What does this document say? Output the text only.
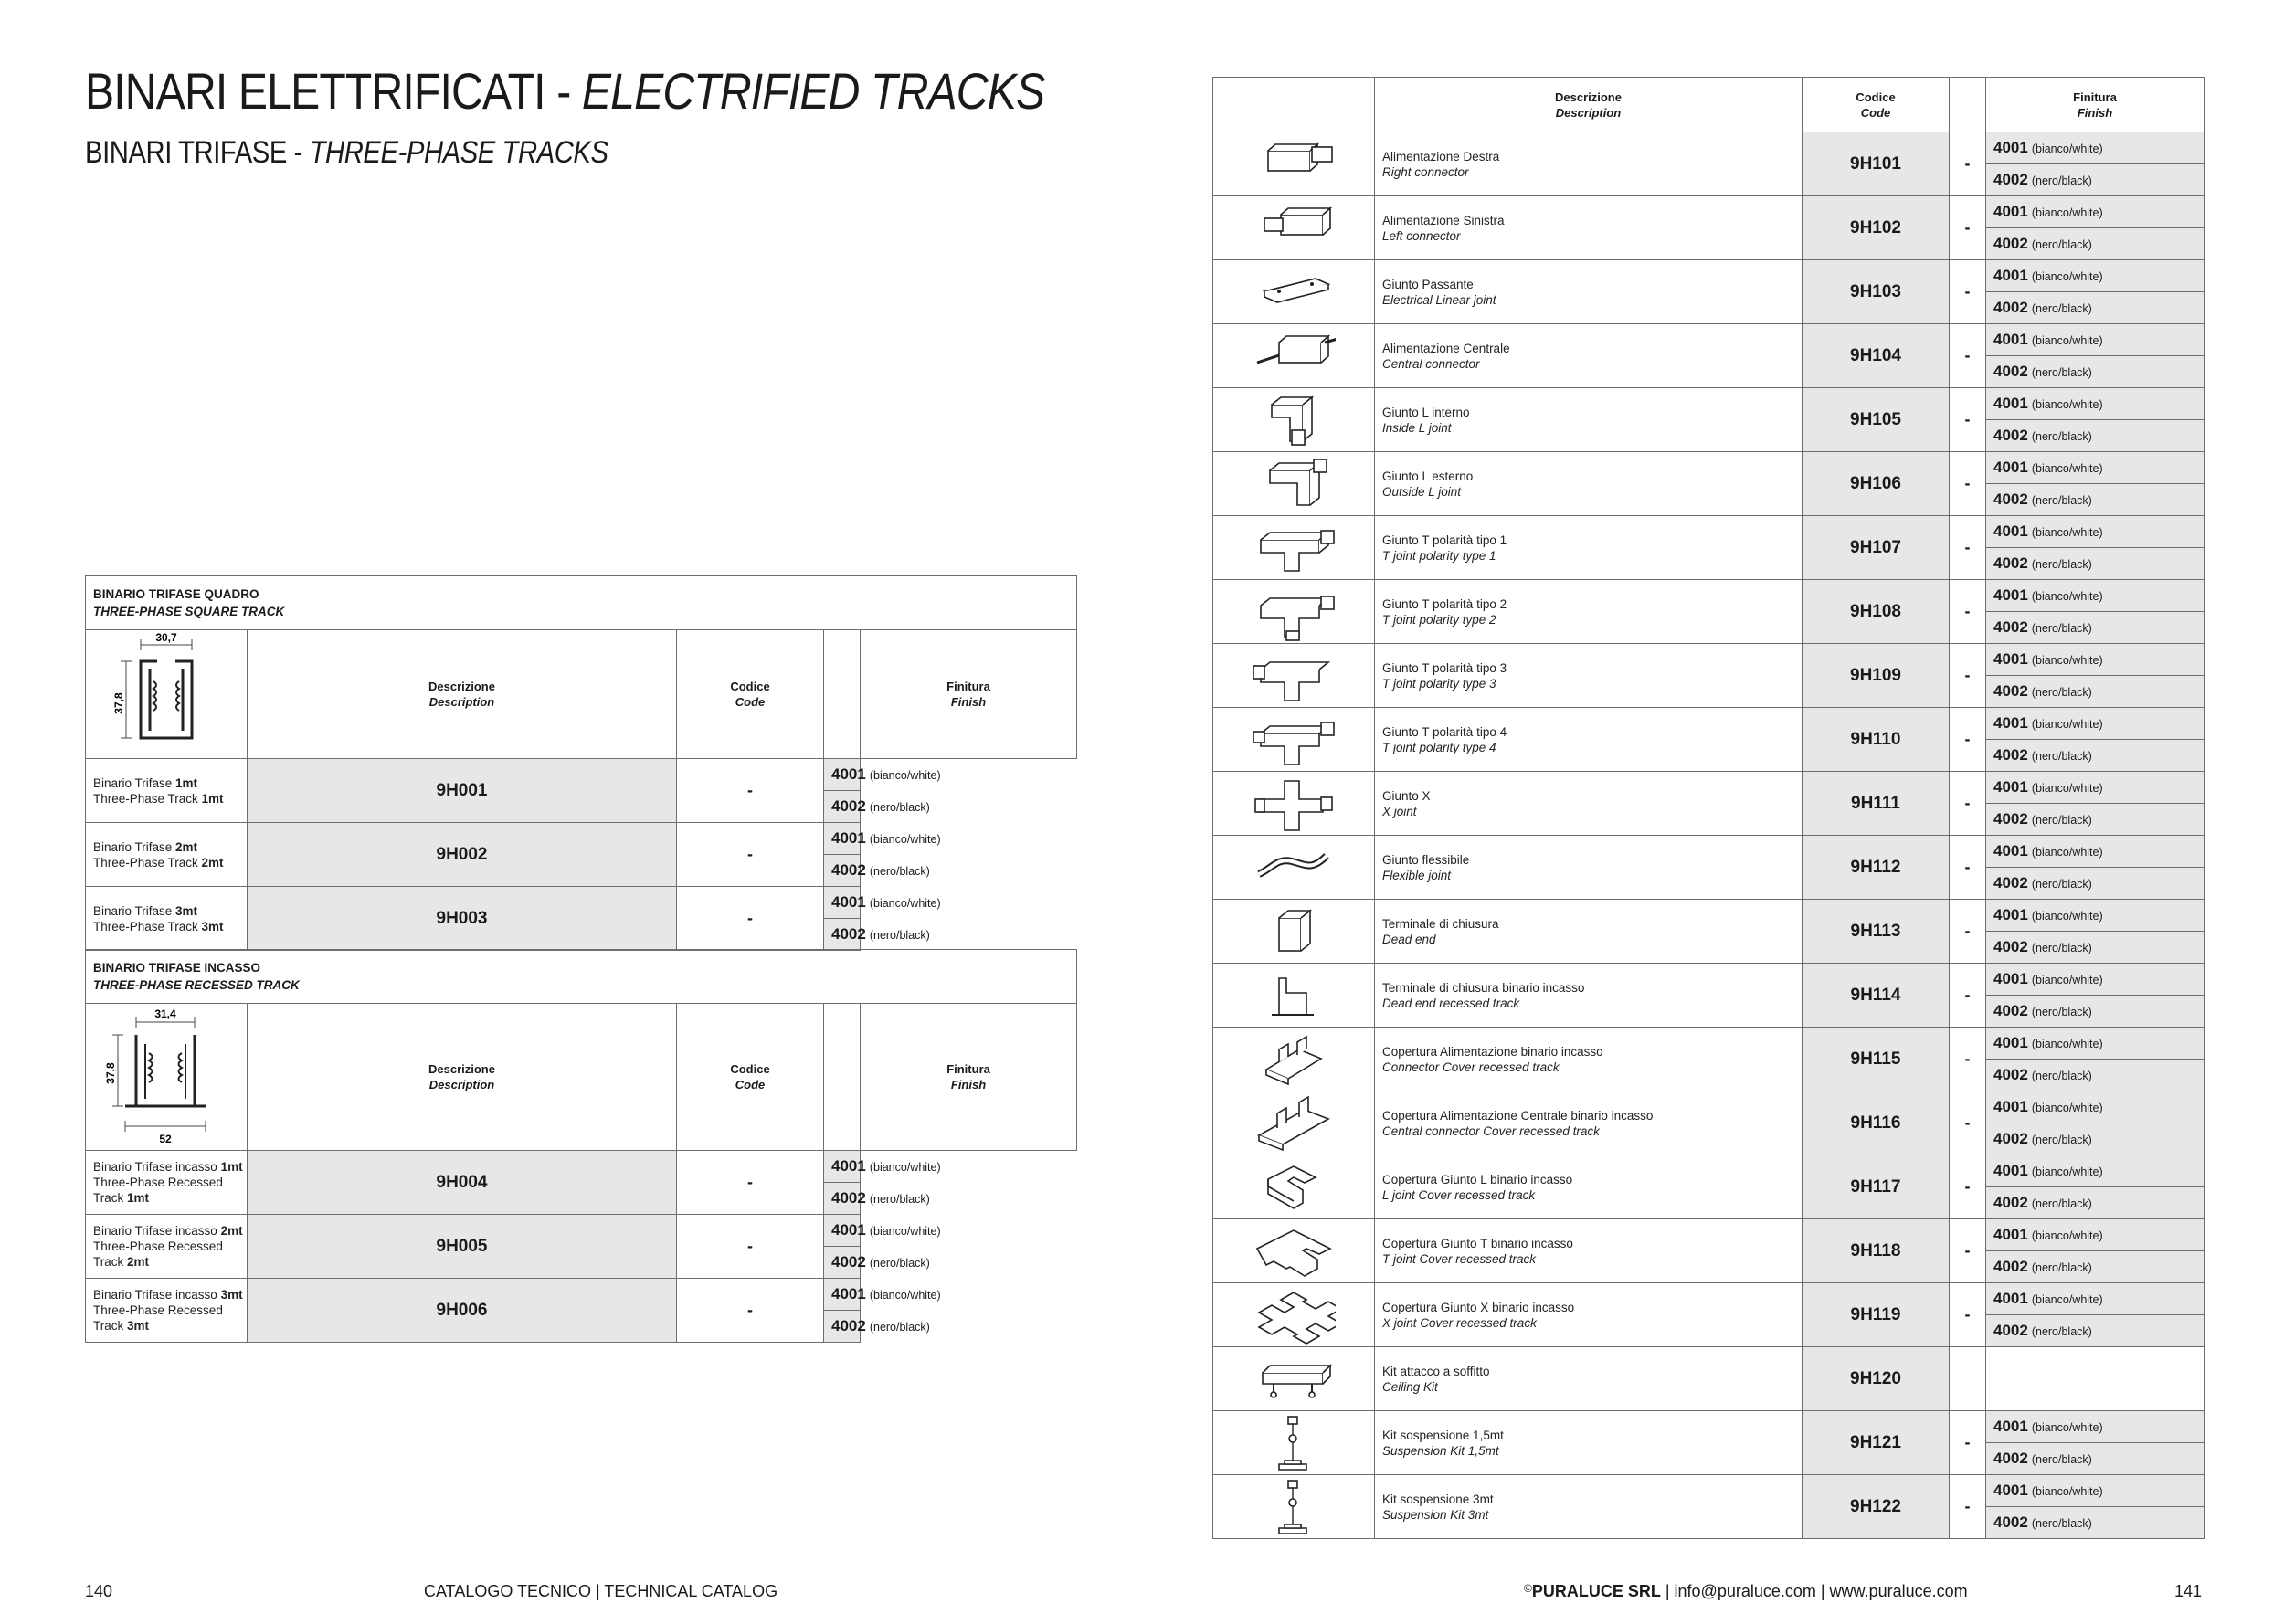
BINARI ELETTRIFICATI - ELECTRIFIED TRACKS
BINARI TRIFASE - THREE-PHASE TRACKS
BINARIO TRIFASE QUADRO
THREE-PHASE SQUARE TRACK				

30,7
37,8	Descrizione
Description	Codice
Code		Finitura
Finish

Binario Trifase 1mt
Three-Phase Track 1mt	9H001	-	4001 (bianco/white)	
			4002 (nero/black)	

Binario Trifase 2mt
Three-Phase Track 2mt	9H002	-	4001 (bianco/white)	
			4002 (nero/black)	

Binario Trifase 3mt
Three-Phase Track 3mt	9H003	-	4001 (bianco/white)	
			4002 (nero/black)	
BINARIO TRIFASE INCASSO
THREE-PHASE RECESSED TRACK				

31,4
37,8
52	Descrizione
Description	Codice
Code		Finitura
Finish

Binario Trifase incasso 1mt
Three-Phase Recessed Track 1mt	9H004	-	4001 (bianco/white)	
			4002 (nero/black)	

Binario Trifase incasso 2mt
Three-Phase Recessed Track 2mt	9H005	-	4001 (bianco/white)	
			4002 (nero/black)	

Binario Trifase incasso 3mt
Three-Phase Recessed Track 3mt	9H006	-	4001 (bianco/white)	
			4002 (nero/black)	
	Descrizione
Description	Codice
Code		Finitura
Finish

Alimentazione Destra
Right connector	9H101	-	4001 (bianco/white)
				4002 (nero/black)

Alimentazione Sinistra
Left connector	9H102	-	4001 (bianco/white)
				4002 (nero/black)

Giunto Passante
Electrical Linear joint	9H103	-	4001 (bianco/white)
				4002 (nero/black)

Alimentazione Centrale
Central connector	9H104	-	4001 (bianco/white)
				4002 (nero/black)

Giunto L interno
Inside L joint	9H105	-	4001 (bianco/white)
				4002 (nero/black)

Giunto L esterno
Outside L joint	9H106	-	4001 (bianco/white)
				4002 (nero/black)

Giunto T polarità tipo 1
T joint polarity type 1	9H107	-	4001 (bianco/white)
				4002 (nero/black)

Giunto T polarità tipo 2
T joint polarity type 2	9H108	-	4001 (bianco/white)
				4002 (nero/black)

Giunto T polarità tipo 3
T joint polarity type 3	9H109	-	4001 (bianco/white)
				4002 (nero/black)

Giunto T polarità tipo 4
T joint polarity type 4	9H110	-	4001 (bianco/white)
				4002 (nero/black)

Giunto X
X joint	9H111	-	4001 (bianco/white)
				4002 (nero/black)

Giunto flessibile
Flexible joint	9H112	-	4001 (bianco/white)
				4002 (nero/black)

Terminale di chiusura
Dead end	9H113	-	4001 (bianco/white)
				4002 (nero/black)

Terminale di chiusura binario incasso
Dead end recessed track	9H114	-	4001 (bianco/white)
				4002 (nero/black)

Copertura Alimentazione binario incasso
Connector Cover recessed track	9H115	-	4001 (bianco/white)
				4002 (nero/black)

Copertura Alimentazione Centrale binario incasso
Central connector Cover recessed track	9H116	-	4001 (bianco/white)
				4002 (nero/black)

Copertura Giunto L binario incasso
L joint Cover recessed track	9H117	-	4001 (bianco/white)
				4002 (nero/black)

Copertura Giunto T binario incasso
T joint Cover recessed track	9H118	-	4001 (bianco/white)
				4002 (nero/black)

Copertura Giunto X binario incasso
X joint Cover recessed track	9H119	-	4001 (bianco/white)
				4002 (nero/black)

Kit attacco a soffitto
Ceiling Kit	9H120		

Kit sospensione 1,5mt
Suspension Kit 1,5mt	9H121	-	4001 (bianco/white)
				4002 (nero/black)

Kit sospensione 3mt
Suspension Kit 3mt	9H122	-	4001 (bianco/white)
				4002 (nero/black)
140	CATALOGO TECNICO | TECHNICAL CATALOG	©PURALUCE SRL | info@puraluce.com | www.puraluce.com	141
